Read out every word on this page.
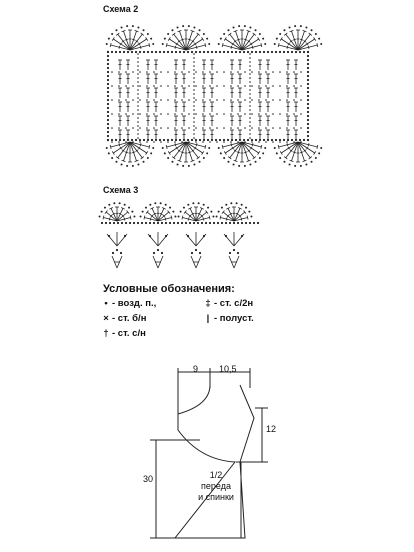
Схема 2
Схема 3
Условные обозначения:
• - возд. п.,
× - ст. б/н
† - ст. с/н
‡ - ст. с/2н
| - полуст.
1/2
переда
и спинки
9 10,5
12
30
